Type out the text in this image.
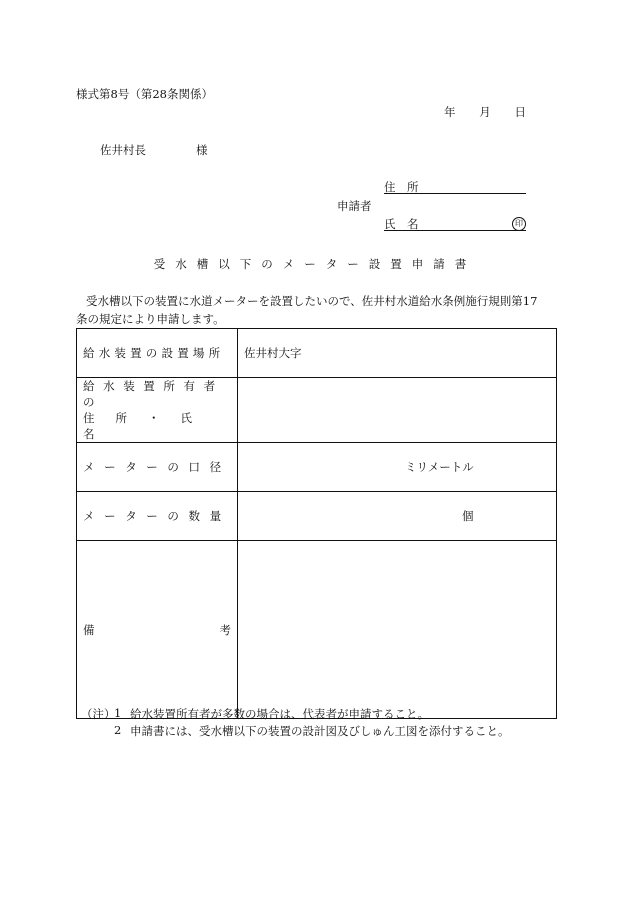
様式第8号（第28条関係）
年 月 日
佐井村長	様
住　所
申請者
氏　名	印
受水槽以下のメーター設置申請書
受水槽以下の装置に水道メーターを設置したいので、佐井村水道給水条例施行規則第17
条の規定により申請します。
給水装置の設置場所	佐井村大字

給水装置所有者の
住所・氏名	

メーターの口径	ミリメートル

メーターの数量	個

備 考	

（注）
1 給水装置所有者が多数の場合は、代表者が申請すること。
2 申請書には、受水槽以下の装置の設計図及びしゅん工図を添付すること。
